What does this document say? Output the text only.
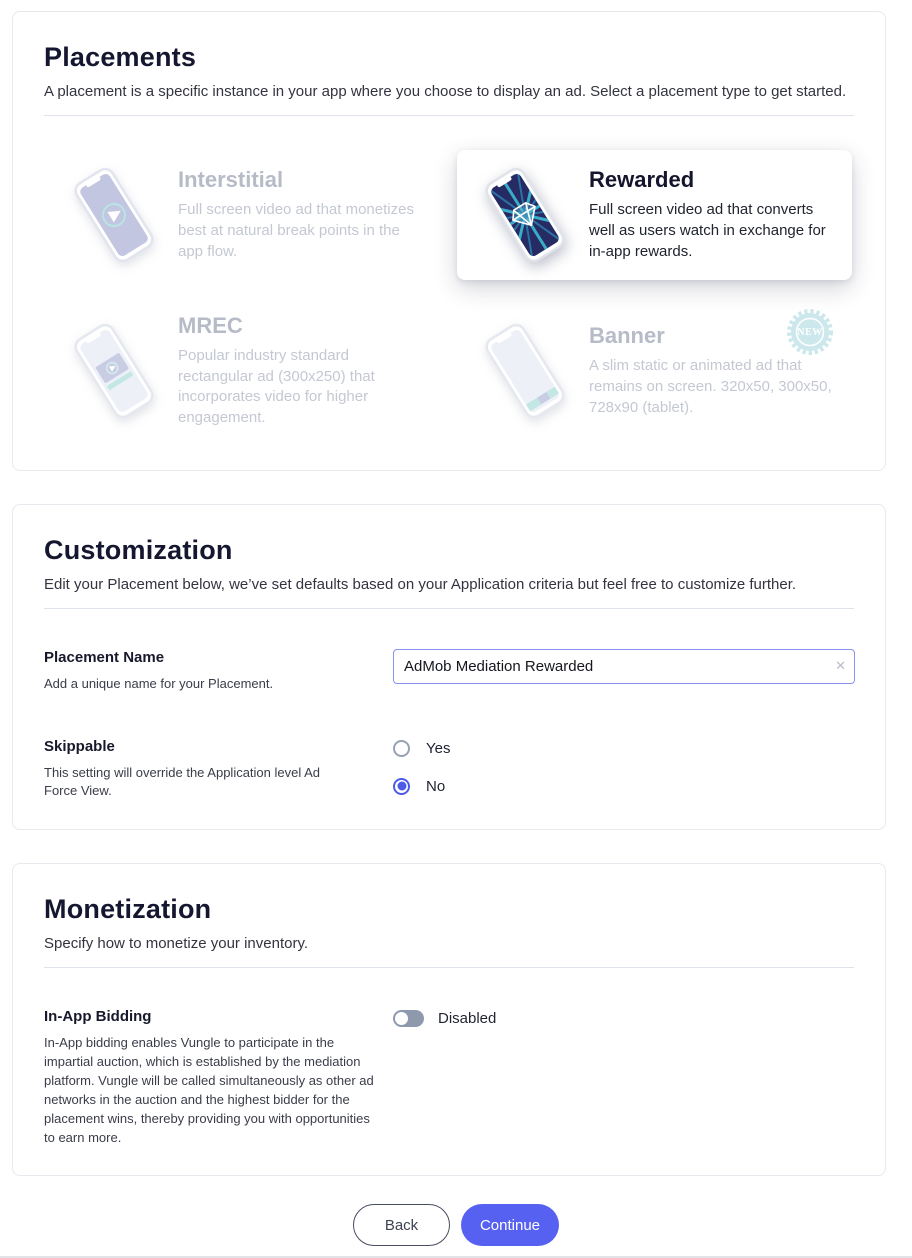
Placements

A placement is a specific instance in your app where you choose to display an ad. Select a placement type to get started.

Interstitial

Full screen video ad that monetizes best at natural break points in the app flow.

Rewarded

Full screen video ad that converts well as users watch in exchange for in-app rewards.

MREC

Popular industry standard rectangular ad (300x250) that incorporates video for higher engagement.

Banner

A slim static or animated ad that remains on screen. 320x50, 300x50, 728x90 (tablet).

NEW
Customization

Edit your Placement below, we’ve set defaults based on your Application criteria but feel free to customize further.

Placement Name

Add a unique name for your Placement.

AdMob Mediation Rewarded
✕
Skippable

This setting will override the Application level Ad Force View.

Yes
No
Monetization

Specify how to monetize your inventory.

In-App Bidding

In-App bidding enables Vungle to participate in the impartial auction, which is established by the mediation platform. Vungle will be called simultaneously as other ad networks in the auction and the highest bidder for the placement wins, thereby providing you with opportunities to earn more.

Disabled
Back	Continue
